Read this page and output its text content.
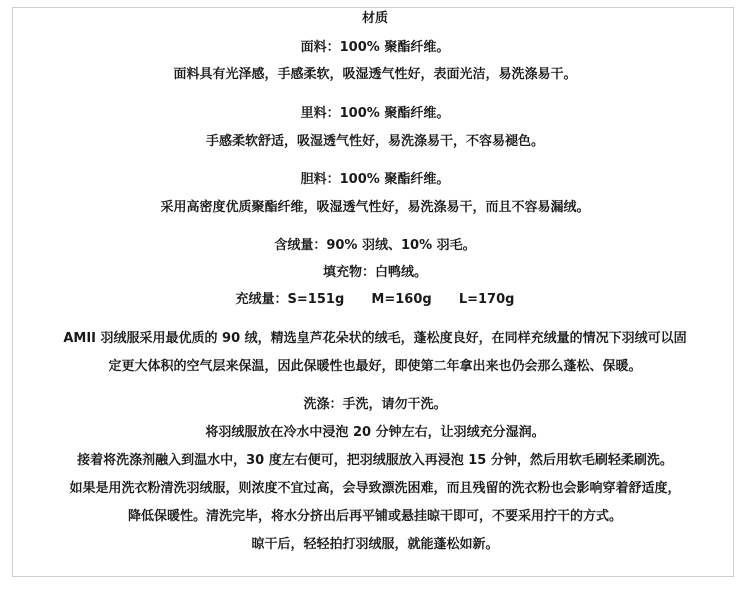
材质
面料：100% 聚酯纤维。
面料具有光泽感，手感柔软，吸湿透气性好，表面光洁，易洗涤易干。
里料：100% 聚酯纤维。
手感柔软舒适，吸湿透气性好，易洗涤易干，不容易褪色。
胆料：100% 聚酯纤维。
采用高密度优质聚酯纤维，吸湿透气性好，易洗涤易干，而且不容易漏绒。
含绒量：90% 羽绒、10% 羽毛。
填充物：白鸭绒。
充绒量：S=151g      M=160g      L=170g
AMII 羽绒服采用最优质的 90 绒，精选皇芦花朵状的绒毛，蓬松度良好，在同样充绒量的情况下羽绒可以固
定更大体积的空气层来保温，因此保暖性也最好，即使第二年拿出来也仍会那么蓬松、保暖。
洗涤：手洗，请勿干洗。
将羽绒服放在冷水中浸泡 20 分钟左右，让羽绒充分湿润。
接着将洗涤剂融入到温水中，30 度左右便可，把羽绒服放入再浸泡 15 分钟，然后用软毛刷轻柔刷洗。
如果是用洗衣粉清洗羽绒服，则浓度不宜过高，会导致漂洗困难，而且残留的洗衣粉也会影响穿着舒适度，
降低保暖性。清洗完毕，将水分挤出后再平铺或悬挂晾干即可，不要采用拧干的方式。
晾干后，轻轻拍打羽绒服，就能蓬松如新。
